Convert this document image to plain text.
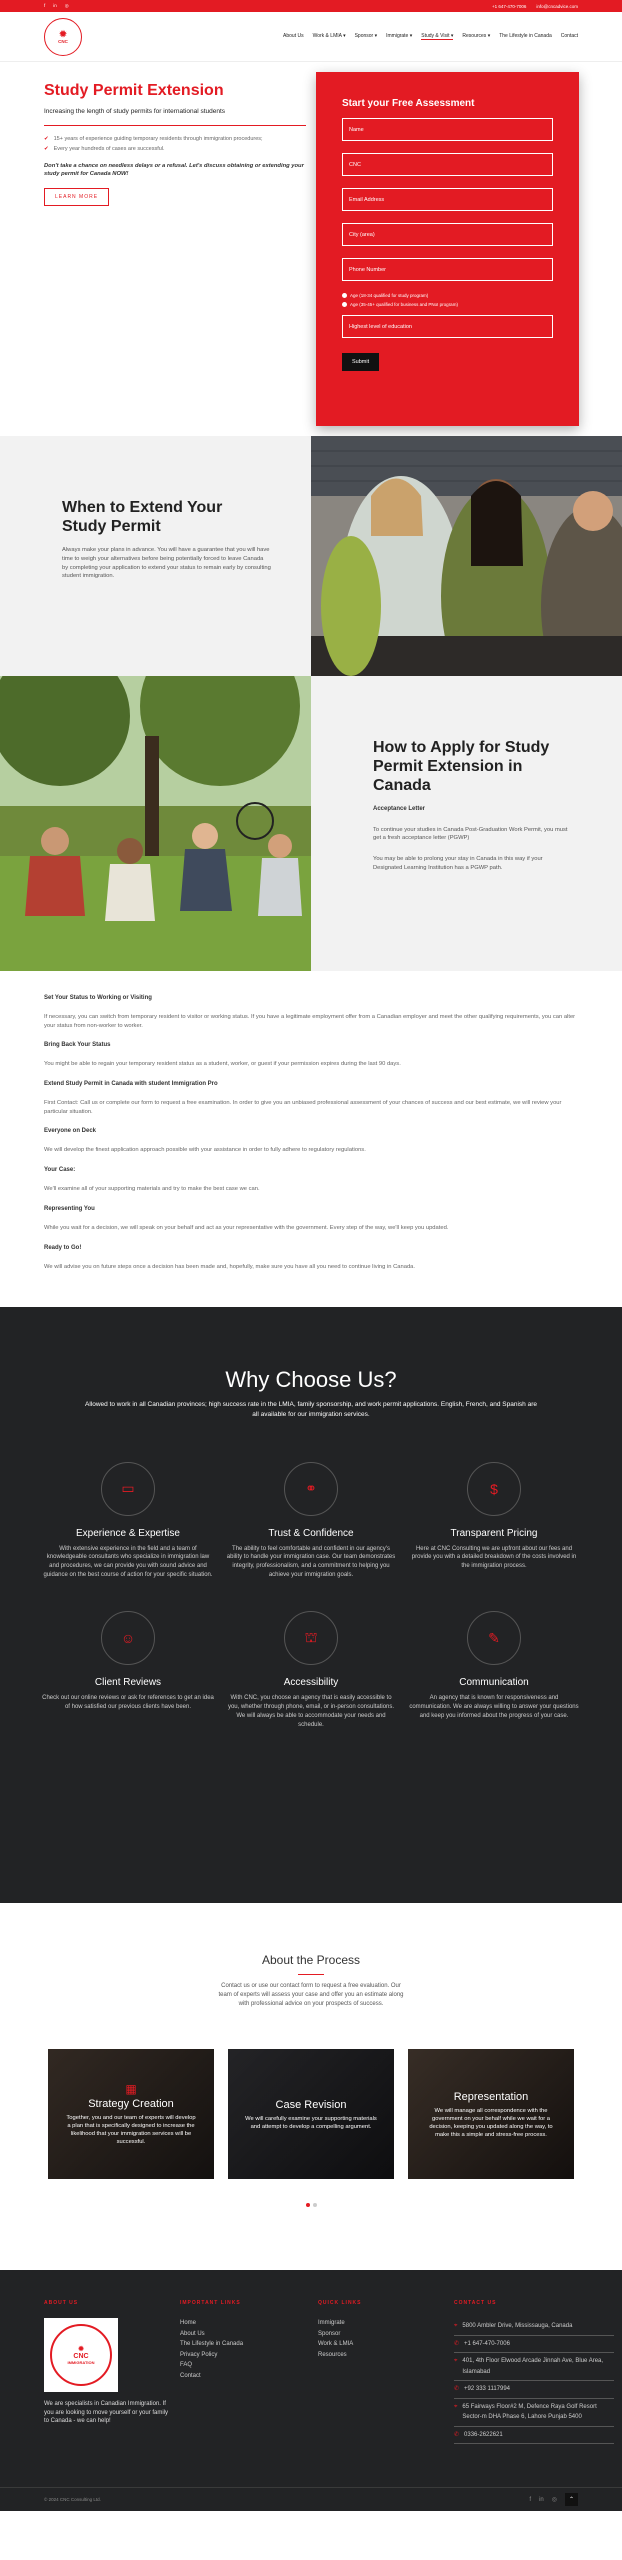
f in ◎	+1 647-470-7006 info@cncadvice.com
✹
CNC
About Us Work & LMIA ▾ Sponsor ▾ Immigrate ▾ Study & Visit ▾ Resources ▾ The Lifestyle in Canada Contact
Study Permit Extension
Increasing the length of study permits for international students
✔ 15+ years of experience guiding temporary residents through immigration procedures;
✔ Every year hundreds of cases are successful.

Don't take a chance on needless delays or a refusal. Let's discuss obtaining or extending your study permit for Canada NOW!

LEARN MORE
Start your Free Assessment
Name
CNC
Email Address
City (area)
Phone Number
Age (18-34 qualified for study program)
Age (35-45+ qualified for business and PNoI program)
Highest level of education
Submit
When to Extend Your Study Permit

Always make your plans in advance. You will have a guarantee that you will have time to weigh your alternatives before being potentially forced to leave Canada by completing your application to extend your status to remain early by consulting student immigration.

How to Apply for Study Permit Extension in Canada
Acceptance Letter

To continue your studies in Canada Post-Graduation Work Permit, you must get a fresh acceptance letter (PGWP)

You may be able to prolong your stay in Canada in this way if your Designated Learning Institution has a PGWP path.

Set Your Status to Working or Visiting

If necessary, you can switch from temporary resident to visitor or working status. If you have a legitimate employment offer from a Canadian employer and meet the other qualifying requirements, you can alter your status from non-worker to worker.

Bring Back Your Status

You might be able to regain your temporary resident status as a student, worker, or guest if your permission expires during the last 90 days.

Extend Study Permit in Canada with student Immigration Pro

First Contact: Call us or complete our form to request a free examination. In order to give you an unbiased professional assessment of your chances of success and our best estimate, we will review your particular situation.

Everyone on Deck

We will develop the finest application approach possible with your assistance in order to fully adhere to regulatory regulations.

Your Case:

We'll examine all of your supporting materials and try to make the best case we can.

Representing You

While you wait for a decision, we will speak on your behalf and act as your representative with the government. Every step of the way, we'll keep you updated.

Ready to Go!

We will advise you on future steps once a decision has been made and, hopefully, make sure you have all you need to continue living in Canada.

Why Choose Us?

Allowed to work in all Canadian provinces; high success rate in the LMIA, family sponsorship, and work permit applications. English, French, and Spanish are all available for our immigration services.

▭
Experience & Expertise

With extensive experience in the field and a team of knowledgeable consultants who specialize in immigration law and procedures, we can provide you with sound advice and guidance on the best course of action for your specific situation.

⚭
Trust & Confidence

The ability to feel comfortable and confident in our agency's ability to handle your immigration case. Our team demonstrates integrity, professionalism, and a commitment to helping you achieve your immigration goals.

$
Transparent Pricing

Here at CNC Consulting we are upfront about our fees and provide you with a detailed breakdown of the costs involved in the immigration process.

☺
Client Reviews

Check out our online reviews or ask for references to get an idea of how satisfied our previous clients have been.

⛫
Accessibility

With CNC, you choose an agency that is easily accessible to you, whether through phone, email, or in-person consultations. We will always be able to accommodate your needs and schedule.

✎
Communication

An agency that is known for responsiveness and communication. We are always willing to answer your questions and keep you informed about the progress of your case.

About the Process

Contact us or use our contact form to request a free evaluation. Our team of experts will assess your case and offer you an estimate along with professional advice on your prospects of success.

▦
Strategy Creation

Together, you and our team of experts will develop a plan that is specifically designed to increase the likelihood that your immigration services will be successful.

Case Revision

We will carefully examine your supporting materials and attempt to develop a compelling argument.

Representation

We will manage all correspondence with the government on your behalf while we wait for a decision, keeping you updated along the way, to make this a simple and stress-free process.

ABOUT US
✹
CNC
IMMIGRATION

We are specialists in Canadian Immigration. If you are looking to move yourself or your family to Canada - we can help!

IMPORTANT LINKS
Home
About Us
The Lifestyle in Canada
Privacy Policy
FAQ
Contact
QUICK LINKS
Immigrate
Sponsor
Work & LMIA
Resources
CONTACT US
⌖ 5800 Ambler Drive, Mississauga, Canada
✆ +1 647-470-7006
⌖ 401, 4th Floor Elwood Arcade Jinnah Ave, Blue Area, Islamabad
✆ +92 333 1117994
⌖ 65 Fairways Floor#2 M, Defence Raya Golf Resort Sector-m DHA Phase 6, Lahore Punjab 5400
✆ 0336-2622621
© 2024 CNC Consulting Ltd.	f in ◎	⌃
